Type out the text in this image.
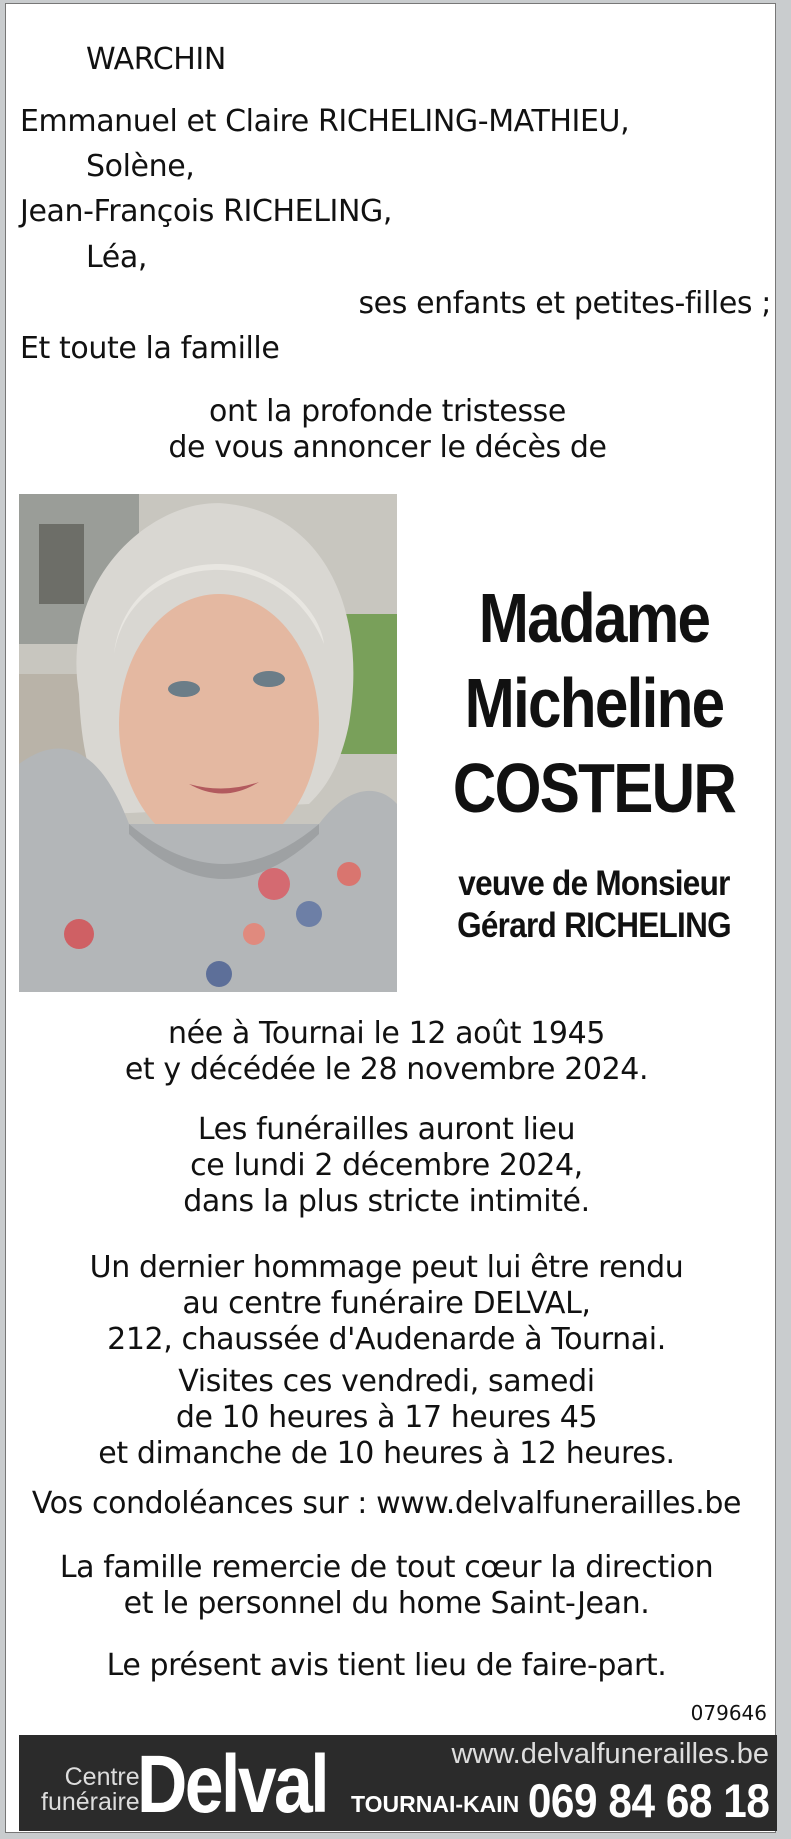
WARCHIN
Emmanuel et Claire RICHELING-MATHIEU,
Solène,
Jean-François RICHELING,
Léa,
ses enfants et petites-filles ;
Et toute la famille
ont la profonde tristesse
de vous annoncer le décès de
Madame
Micheline
COSTEUR
veuve de Monsieur
Gérard RICHELING
née à Tournai le 12 août 1945
et y décédée le 28 novembre 2024.
Les funérailles auront lieu
ce lundi 2 décembre 2024,
dans la plus stricte intimité.
Un dernier hommage peut lui être rendu
au centre funéraire DELVAL,
212, chaussée d'Audenarde à Tournai.
Visites ces vendredi, samedi
de 10 heures à 17 heures 45
et dimanche de 10 heures à 12 heures.
Vos condoléances sur : www.delvalfunerailles.be
La famille remercie de tout cœur la direction
et le personnel du home Saint-Jean.
Le présent avis tient lieu de faire-part.
079646
Centre
funéraire
Delval	www.delvalfunerailles.be
TOURNAI-KAIN 069 84 68 18
